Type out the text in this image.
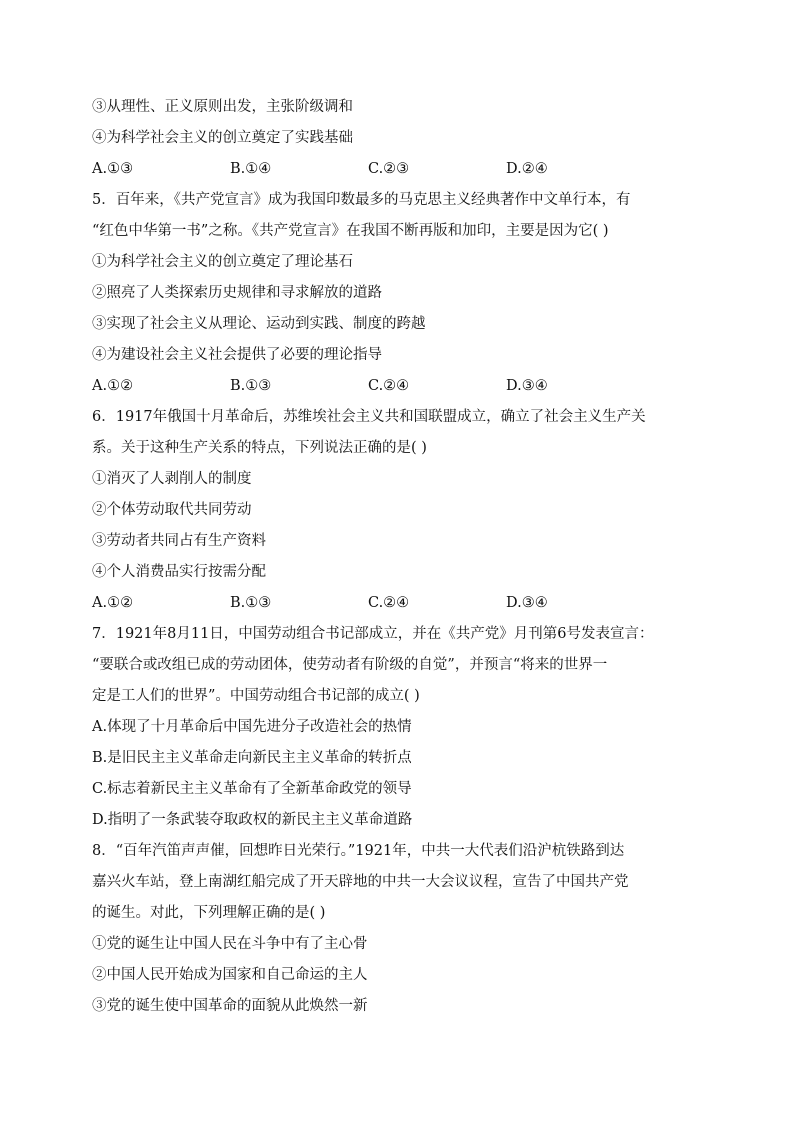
③从理性、正义原则出发，主张阶级调和
④为科学社会主义的创立奠定了实践基础
A.①③	B.①④	C.②③	D.②④
5．百年来，《共产党宣言》成为我国印数最多的马克思主义经典著作中文单行本，有
“红色中华第一书”之称。《共产党宣言》在我国不断再版和加印，主要是因为它( )
①为科学社会主义的创立奠定了理论基石
②照亮了人类探索历史规律和寻求解放的道路
③实现了社会主义从理论、运动到实践、制度的跨越
④为建设社会主义社会提供了必要的理论指导
A.①②	B.①③	C.②④	D.③④
6．1917年俄国十月革命后，苏维埃社会主义共和国联盟成立，确立了社会主义生产关
系。关于这种生产关系的特点，下列说法正确的是( )
①消灭了人剥削人的制度
②个体劳动取代共同劳动
③劳动者共同占有生产资料
④个人消费品实行按需分配
A.①②	B.①③	C.②④	D.③④
7．1921年8月11日，中国劳动组合书记部成立，并在《共产党》月刊第6号发表宣言：
“要联合或改组已成的劳动团体，使劳动者有阶级的自觉”，并预言“将来的世界一
定是工人们的世界”。中国劳动组合书记部的成立( )
A.体现了十月革命后中国先进分子改造社会的热情
B.是旧民主主义革命走向新民主主义革命的转折点
C.标志着新民主主义革命有了全新革命政党的领导
D.指明了一条武装夺取政权的新民主主义革命道路
8．“百年汽笛声声催，回想昨日光荣行。”1921年，中共一大代表们沿沪杭铁路到达
嘉兴火车站，登上南湖红船完成了开天辟地的中共一大会议议程，宣告了中国共产党
的诞生。对此，下列理解正确的是( )
①党的诞生让中国人民在斗争中有了主心骨
②中国人民开始成为国家和自己命运的主人
③党的诞生使中国革命的面貌从此焕然一新
